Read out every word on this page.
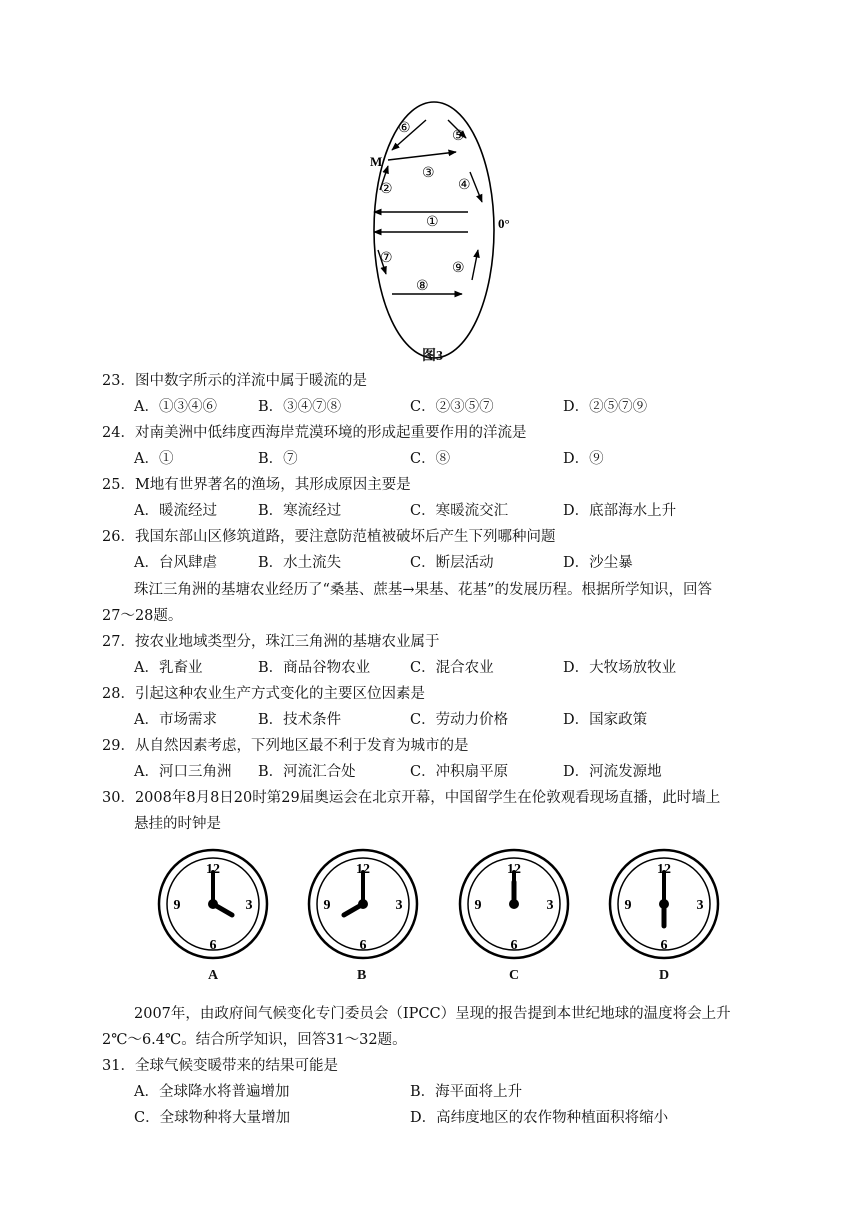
①
②
③
④
⑤
⑥
⑦
⑧
⑨
M
0°
图3
23．图中数字所示的洋流中属于暖流的是
A．①③④⑥	B．③④⑦⑧	C．②③⑤⑦	D．②⑤⑦⑨
24．对南美洲中低纬度西海岸荒漠环境的形成起重要作用的洋流是
A．①	B．⑦	C．⑧	D．⑨
25．M地有世界著名的渔场，其形成原因主要是
A．暖流经过	B．寒流经过	C．寒暖流交汇	D．底部海水上升
26．我国东部山区修筑道路，要注意防范植被破坏后产生下列哪种问题
A．台风肆虐	B．水土流失	C．断层活动	D．沙尘暴
珠江三角洲的基塘农业经历了“桑基、蔗基→果基、花基”的发展历程。根据所学知识，回答
27～28题。
27．按农业地域类型分，珠江三角洲的基塘农业属于
A．乳畜业	B．商品谷物农业	C．混合农业	D．大牧场放牧业
28．引起这种农业生产方式变化的主要区位因素是
A．市场需求	B．技术条件	C．劳动力价格	D．国家政策
29．从自然因素考虑，下列地区最不利于发育为城市的是
A．河口三角洲 B．河流汇合处	C．冲积扇平原	D．河流发源地
30．2008年8月8日20时第29届奥运会在北京开幕，中国留学生在伦敦观看现场直播，此时墙上
悬挂的时钟是
12
3
6
9
12
3
6
9
12
3
6
9
12
3
6
9
A	B	C	D
2007年，由政府间气候变化专门委员会（IPCC）呈现的报告提到本世纪地球的温度将会上升
2℃～6.4℃。结合所学知识，回答31～32题。
31．全球气候变暖带来的结果可能是
A．全球降水将普遍增加	B．海平面将上升
C．全球物种将大量增加	D．高纬度地区的农作物种植面积将缩小
